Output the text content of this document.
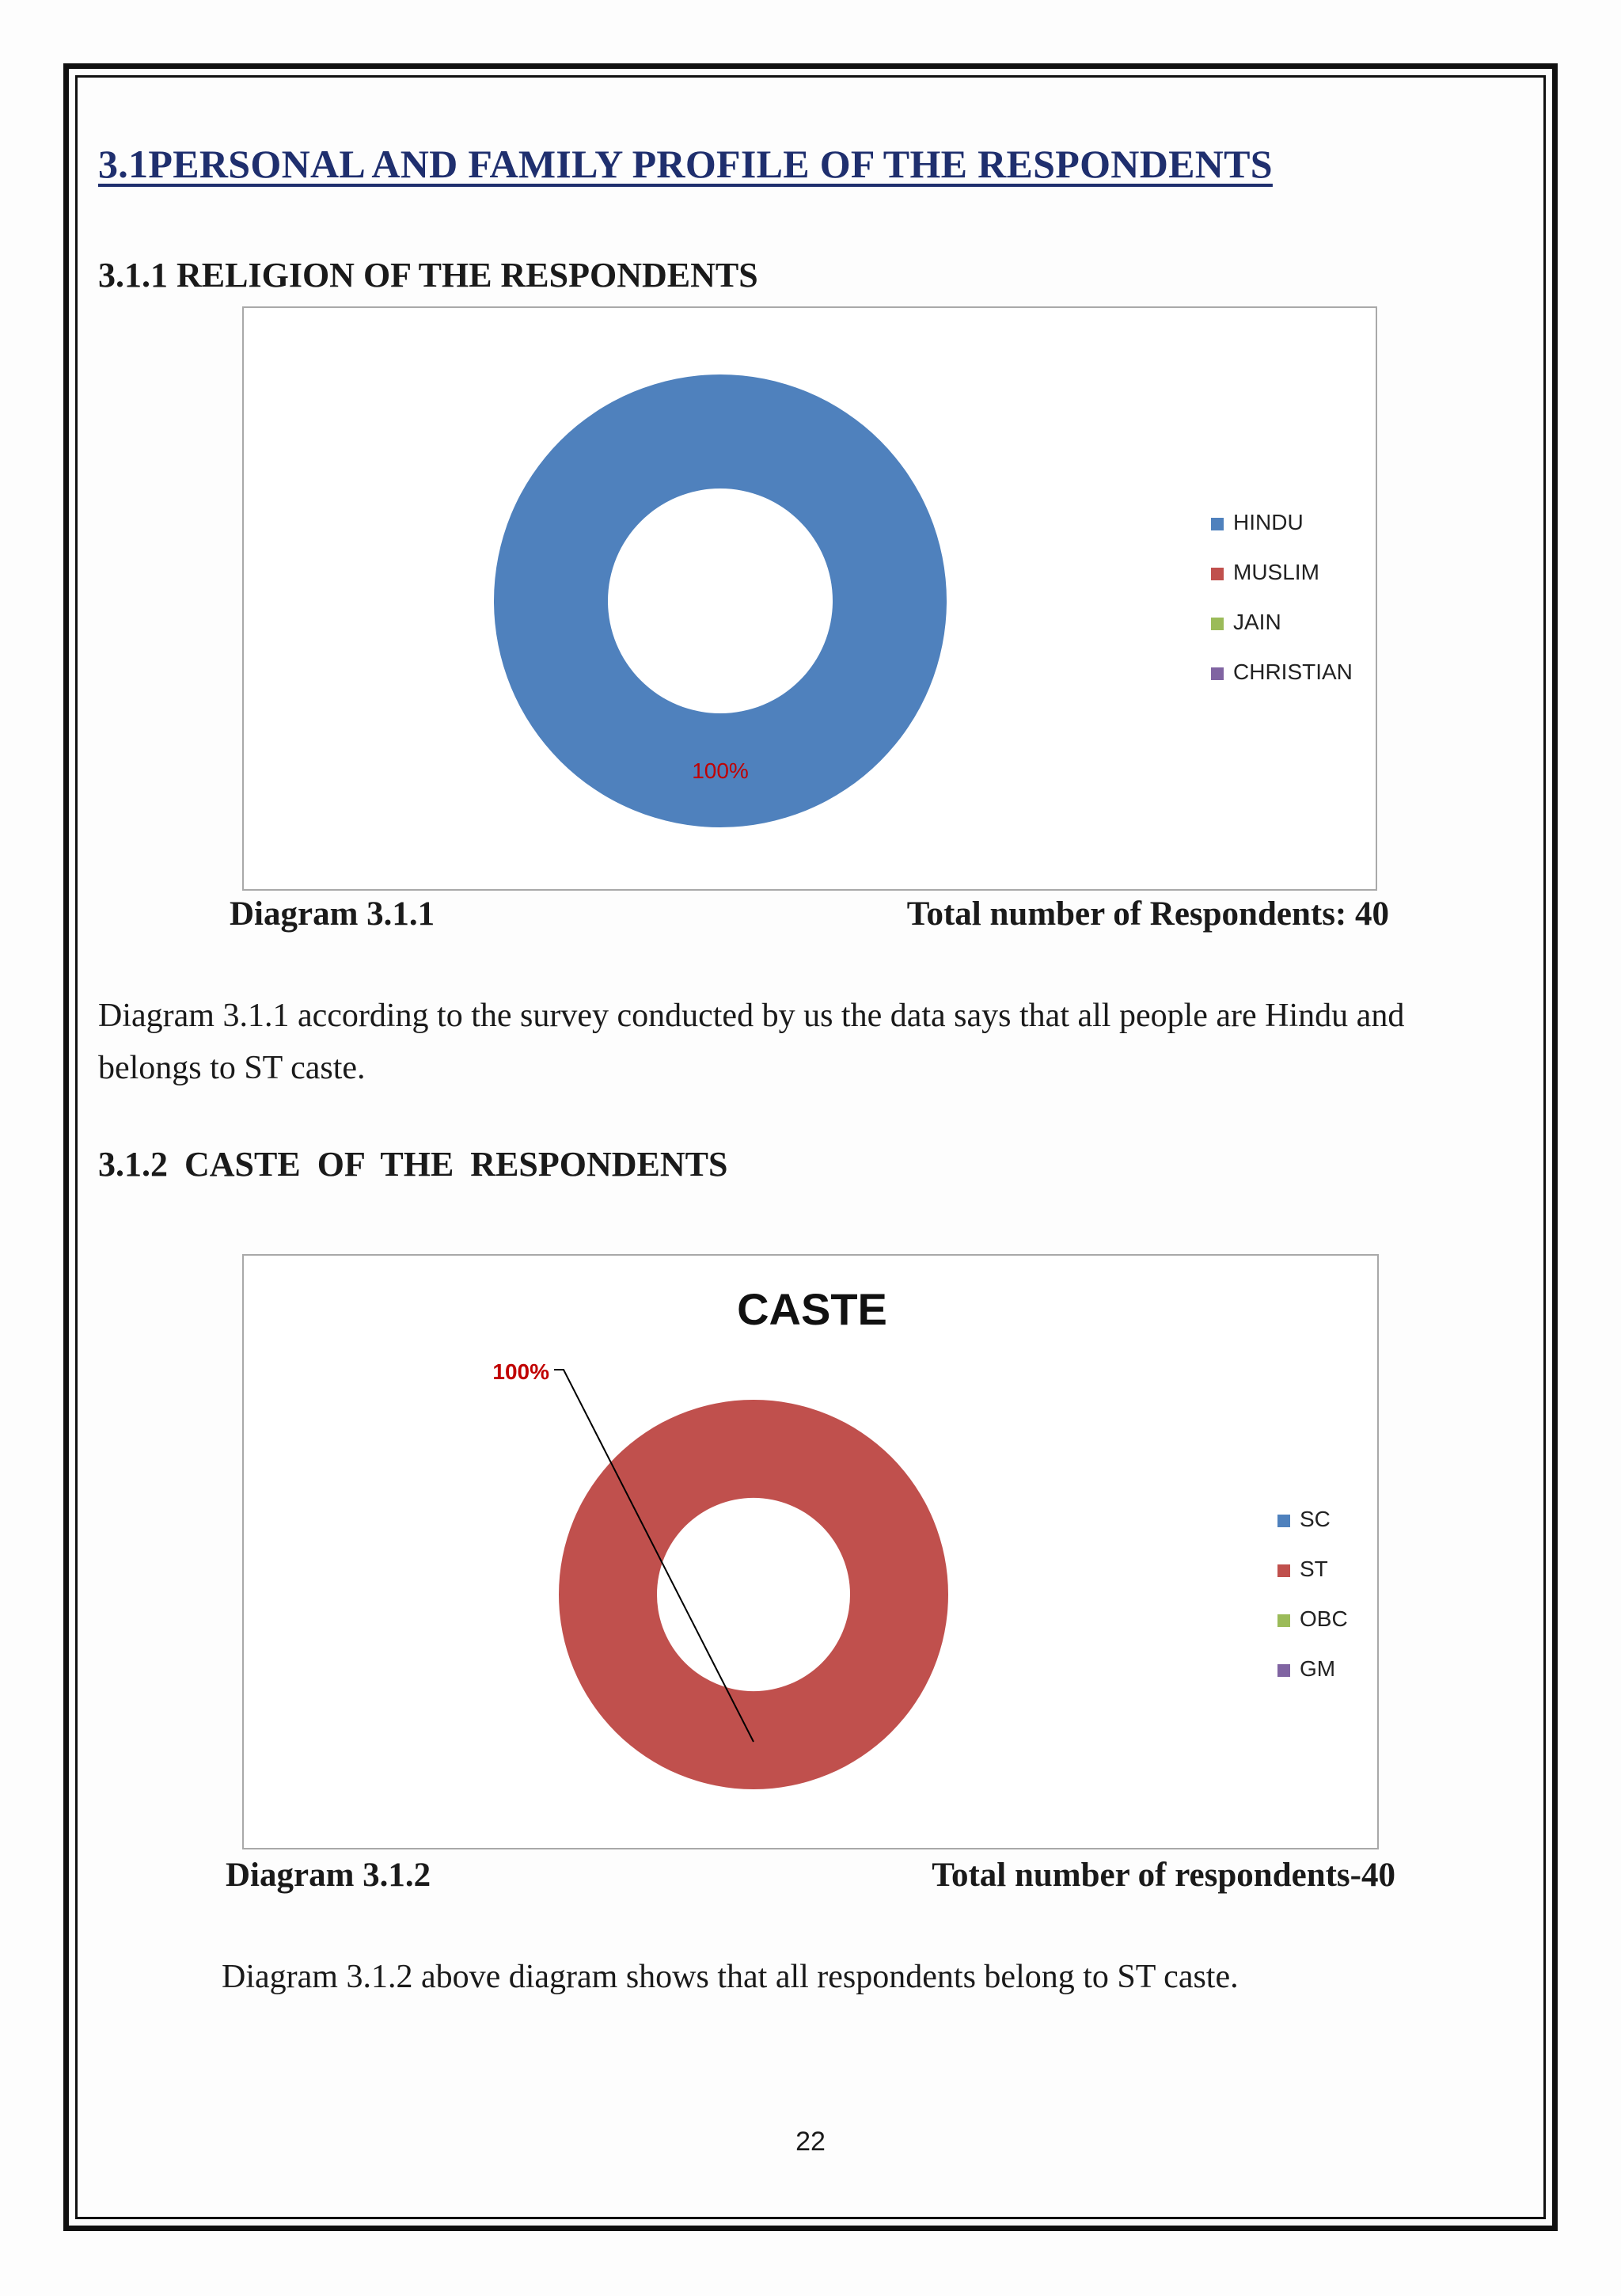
3.1PERSONAL AND FAMILY PROFILE OF THE RESPONDENTS
3.1.1 RELIGION OF THE RESPONDENTS
100%
HINDU
MUSLIM
JAIN
CHRISTIAN
Diagram 3.1.1	Total number of Respondents: 40

Diagram 3.1.1 according to the survey conducted by us the data says that all people are Hindu and belongs to ST caste.

3.1.2 CASTE OF THE RESPONDENTS
CASTE
100%
SC
ST
OBC
GM
Diagram 3.1.2	Total number of respondents-40

Diagram 3.1.2 above diagram shows that all respondents belong to ST caste.

22
